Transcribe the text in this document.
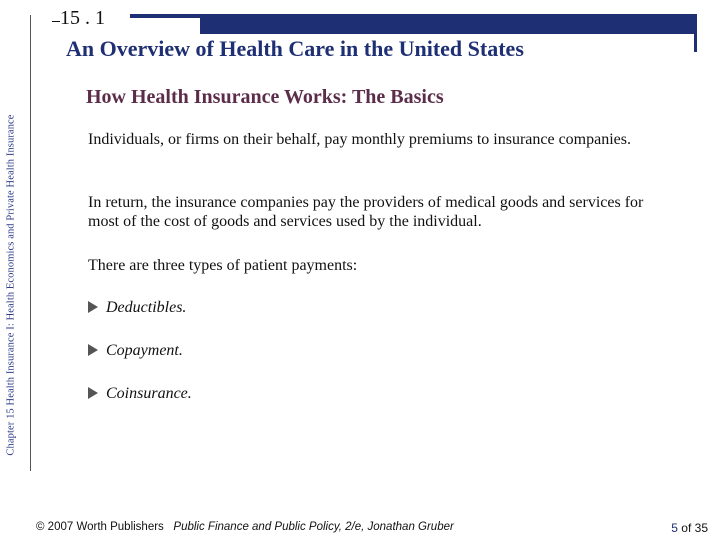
Chapter 15 Health Insurance I: Health Economics and Private Health Insurance
15 . 1
An Overview of Health Care in the United States
How Health Insurance Works: The Basics
Individuals, or firms on their behalf, pay monthly premiums to insurance companies.
In return, the insurance companies pay the providers of medical goods and services for most of the cost of goods and services used by the individual.
There are three types of patient payments:
Deductibles.
Copayment.
Coinsurance.
© 2007 Worth Publishers Public Finance and Public Policy, 2/e, Jonathan Gruber	5 of 35
